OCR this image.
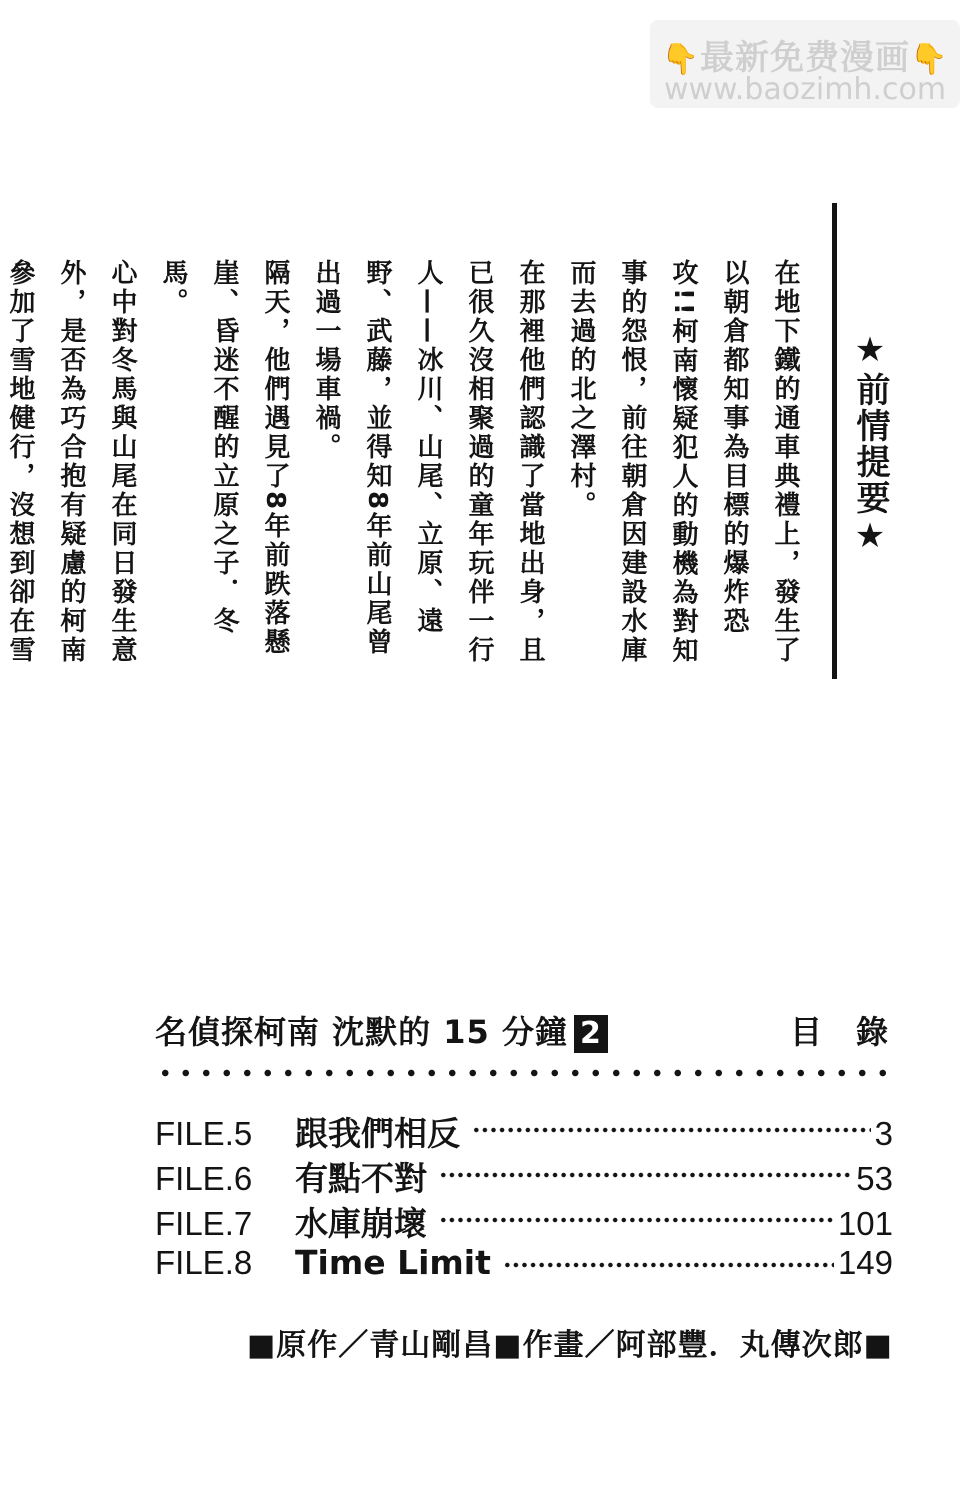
👇最新免费漫画👇
www.baozimh.com
★前情提要★

在地下鐵的通車典禮上，發生了以朝倉都知事為目標的爆炸恐攻!!柯南懷疑犯人的動機為對知事的怨恨，前往朝倉因建設水庫而去過的北之澤村。

在那裡他們認識了當地出身，且已很久沒相聚過的童年玩伴一行人——冰川、山尾、立原、遠野、武藤，並得知8年前山尾曾出過一場車禍。

隔天，他們遇見了8年前跌落懸崖、昏迷不醒的立原之子．冬馬。

心中對冬馬與山尾在同日發生意外，是否為巧合抱有疑慮的柯南參加了雪地健行，沒想到卻在雪

名偵探柯南 沈默的 15 分鐘 2	目錄
FILE.5	跟我們相反	3
FILE.6	有點不對	53
FILE.7	水庫崩壞	101
FILE.8	Time Limit	149
■原作／青山剛昌■作畫／阿部豐．丸傳次郎■
